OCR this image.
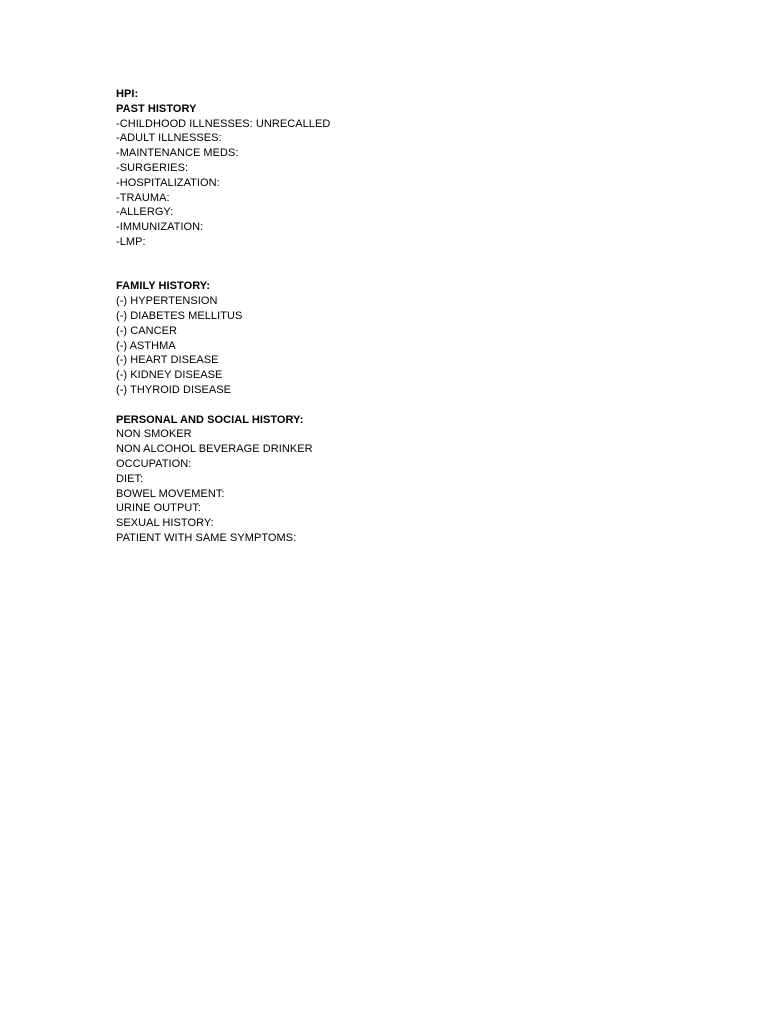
HPI:
PAST HISTORY
-CHILDHOOD ILLNESSES: UNRECALLED
-ADULT ILLNESSES:
-MAINTENANCE MEDS:
-SURGERIES:
-HOSPITALIZATION:
-TRAUMA:
-ALLERGY:
-IMMUNIZATION:
-LMP:
FAMILY HISTORY:
(-) HYPERTENSION
(-) DIABETES MELLITUS
(-) CANCER
(-) ASTHMA
(-) HEART DISEASE
(-) KIDNEY DISEASE
(-) THYROID DISEASE
PERSONAL AND SOCIAL HISTORY:
NON SMOKER
NON ALCOHOL BEVERAGE DRINKER
OCCUPATION:
DIET:
BOWEL MOVEMENT:
URINE OUTPUT:
SEXUAL HISTORY:
PATIENT WITH SAME SYMPTOMS:
